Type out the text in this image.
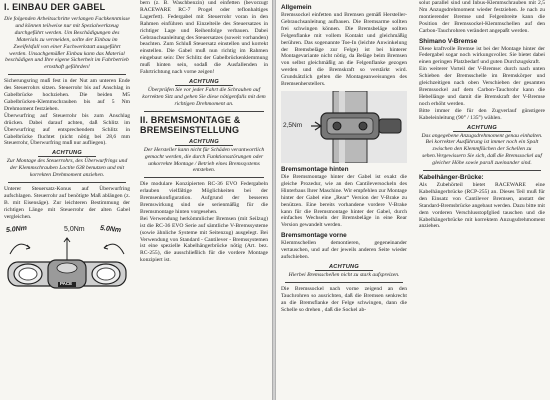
I. EINBAU DER GABEL

Die folgenden Arbeitsschritte verlangen Fachkenntnisse und können teilweise nur mit Spezialwerkzeug durchgeführt werden. Um Beschädigungen des Materials zu vermeiden, sollte der Einbau im Zweifelsfall von einer Fachwerkstatt ausgeführt werden. Unsachgemäßer Einbau kann das Material beschädigen und Ihre eigene Sicherheit im Fahrbetrieb ernsthaft gefährden!

Sicherungsring muß fest in der Nut am unteren Ende des Steuerrohrs sitzen. Steuerrohr bis auf Anschlag in Gabelbrücke hochziehen. Die beiden M5 Gabelbrücken-Klemmschrauben bis auf 5 Nm Drehmoment festziehen.

Überwurfring auf Steuerrohr bis zum Anschlag drücken. Dabei darauf achten, daß Schlitz im Überwurfring auf entsprechendem Schlitz in Gabelbrücke fluchtet (nicht nötig bei 28,6 mm Steuerrohr, Überwurfring muß nur aufliegen).

ACHTUNG

Zur Montage des Steuerrohrs, des Überwurfrings und der Klemmschrauben Loctite 638 benutzen und mit korrekten Drehmoment anziehen.

Unterer Steuersatz-Konus auf Überwurfring aufschlagen. Steuerrohr auf benötigte Maß ablängen (z. B. mit Eisensäge). Zur leichteren Bestimmung der richtigen Länge mit Steuerrohr der alten Gabel vergleichen.

5.0Nm	5,0Nm 5.0Nm
PACE

bern (z. B. Waschbenzin) und einfetten (bevorzugt RACEWARE RC-7 Progel oder teflonhaltiges Lagerfett). Federgabel mit Steuerrohr voran in den Rahmen einführen und Einzelteile des Steuersatzes in richtiger Lage und Reihenfolge verbauen. Dabei Gebrauchsanleitung des Steuersatzes (soweit vorhanden) beachten. Zum Schluß Steuersatz einstellen und korrekt einstellen. Die Gabel muß nun richtig im Rahmen eingebaut sein: Der Schlitz der Gabelbrückenklemmung muß hinten sein, sodaß die Ausfallenden in Fahrtrichtung nach vorne zeigen!

ACHTUNG

Überprüfen Sie vor jeder Fahrt die Schrauben auf korrekten Sitz und gehen Sie diese nötigenfalls mit dem richtigen Drehmoment an.

II. BREMSMONTAGE & BREMSEINSTELLUNG
ACHTUNG

Der Hersteller kann nicht für Schäden verantwortlich gemacht werden, die durch Funktionsstörungen oder unkorrekte Montage / Betrieb eines Bremssystems entstehen.

Die modulare Konzipierten RC-36 EVO Federgabeln erlauben vielfältige Möglichkeiten bei der Bremsenkonfiguration. Aufgrund der besseren Bremswirkung sind sie serienmäßig für die Bremsmontage hinten vorgesehen.

Bei Verwendung herkömmlicher Bremsen (mit Seilzug) ist die RC-36 EVO Serie auf sämtliche V-Bremssysteme (sowie ähnliche Systeme mit Seitenzug) ausgelegt. Bei Verwendung von Standard - Cantilever - Bremssystemen ist eine spezielle Kabelhängerbrücke nötig (Art. bez. RC-255), die ausschließlich für die vordere Montage konzipiert ist.

Allgemein

Bremssockel einfetten und Bremsen gemäß Hersteller-Gebrauchsanleitung aufbauen. Die Bremsarme sollten frei schwingen können. Die Bremsbeläge sollten Felgenflanke mit vollem Kontakt und gleichmäßig berühren. Das sogenannte Toe-In (leichte Anwinkelung der Bremsbeläge zur Felge) ist bei hinterer Montagevariante nicht nötig, da Beläge beim Bremsen von selbst gleichmäßig an die Felgenflanke gezogen werden und die Bremskraft so verstärkt wird. Grundsätzlich gelten die Montageanweisungen des Bremsenherstellers.

2,5Nm
Bremsmontage hinten

Die Bremsmontage hinter der Gabel ist exakt die gleiche Prozedur, wie an den Cantileversockeln des Hinterbaus Ihrer Maschine. Wir empfehlen zur Montage hinter der Gabel eine „Rear“ Version der V-Brake zu benützen. Eine bereits vorhandene vordere V-Brake kann für die Bremsmontage hinter der Gabel, durch einfaches Wechseln der Bremsbeläge in eine Rear Version gewandelt werden.

Bremsmontage vorne

Klemmschellen demontieren, gegeneinander vertauschen, und auf der jeweils anderen Seite wieder aufschieben.

ACHTUNG

Hierbei Bremsschellen nicht zu stark aufspreizen.

Die Bremssockel nach vorne zeigend an den Tauchrohren so ausrichten, daß die Bremsen senkrecht an die Bremsflanke der Felge schwingen, dann die Schelle so drehen , daß die Sockel ab-

solut parallel sind und Inbus-Klemmschrauben mit 2,5 Nm Anzugsdrehmoment wieder festziehen. Je nach zu montierender Bremse und Felgenbreite kann die Position der Bremssockel-Klemmschellen auf den Carbon-Tauchrohren verändert angepaßt werden.

Shimano V-Bremse

Diese kraftvolle Bremse ist bei der Montage hinter der Federgabel sogar noch wirkungsvoller. Sie bietet dabei einen geringen Platzbedarf und guten Durchzugskraft.

Ein weiterer Vorteil der V-Bremse: durch nach unten Schieben der Bremsschelle im Bremskörper und gleichzeitigen nach oben Verschieben der gesamten Bremssockel auf dem Carbon-Tauchrohr kann die Hebellänge und damit die Bremskraft der V-Bremse noch erhöht werden.

Bitte immer die für den Zugverlauf günstigere Kabeleinleitung (90° / 135°) wählen.

ACHTUNG

Das angegebene Anzugsdrehmoment genau einhalten. Bei korrekter Ausführung ist immer noch ein Spalt zwischen den Klemmflächen der Schellen zu sehen.Vergewissern Sie sich, daß die Bremssockel auf gleicher Höhe sowie parall zueinander sind.

Kabelhänger-Brücke:

Als Zubehörteil bietet RACEWARE eine Kabelhängerbrücke (RCP-255) an. Dieses Teil muß für den Einsatz von Cantilever Bremsen, anstatt der Standard-Bremsbrücke angebaut werden. Dazu bitte mit dem vorderen Verschlusstopfglied tauschen und die Kabelhängerbrücke mit korrektem Anzugsdrehmoment anziehen.
